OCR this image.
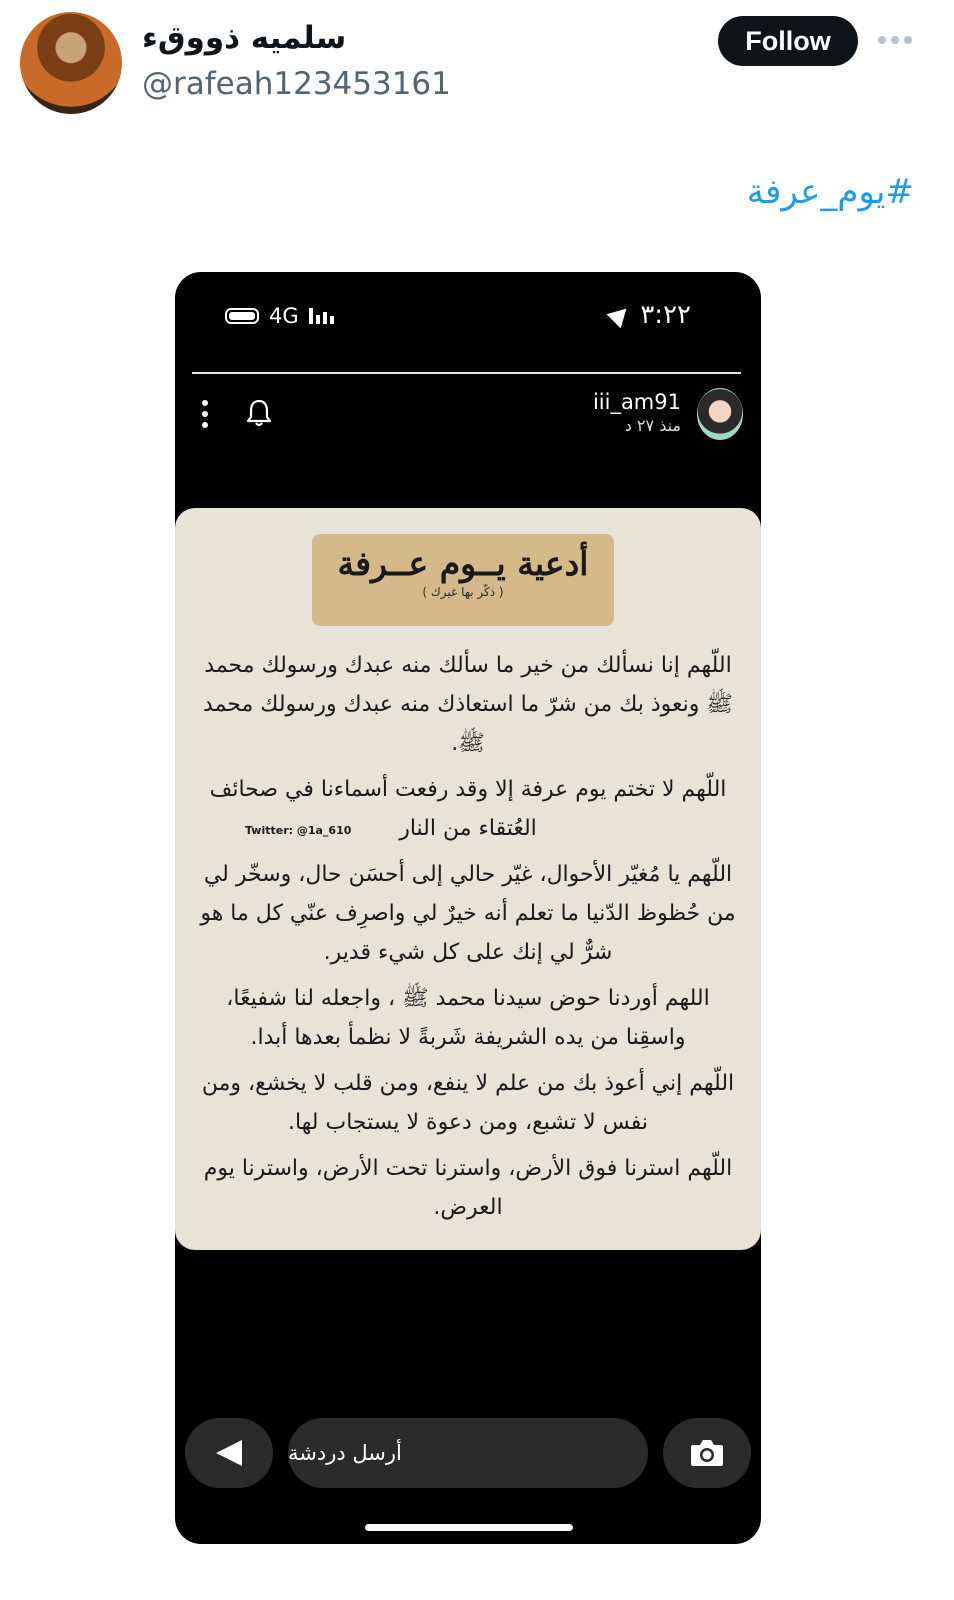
سلميه ذووقء
@rafeah123453161
Follow
#يوم_عرفة
4G	٣:٢٢
iii_am91
منذ ٢٧ د
أدعية يــوم عــرفة
( ذكّر بها غيرك )

اللّهم إنا نسألك من خير ما سألك منه عبدك ورسولك محمد ﷺ ونعوذ بك من شرّ ما استعاذك منه عبدك ورسولك محمد ﷺ.

اللّهم لا تختم يوم عرفة إلا وقد رفعت أسماءنا في صحائف العُتقاء من النار

اللّهم يا مُغيّر الأحوال، غيّر حالي إلى أحسَن حال، وسخّر لي من حُظوظ الدّنيا ما تعلم أنه خيرٌ لي واصرِف عنّي كل ما هو شرٌّ لي إنك على كل شيء قدير.

اللهم أوردنا حوض سيدنا محمد ﷺ ، واجعله لنا شفيعًا، واسقِنا من يده الشريفة شَربةً لا نظمأ بعدها أبدا.

اللّهم إني أعوذ بك من علم لا ينفع، ومن قلب لا يخشع، ومن نفس لا تشبع، ومن دعوة لا يستجاب لها.

اللّهم استرنا فوق الأرض، واسترنا تحت الأرض، واسترنا يوم العرض.

Twitter: @1a_610
أرسل دردشة
